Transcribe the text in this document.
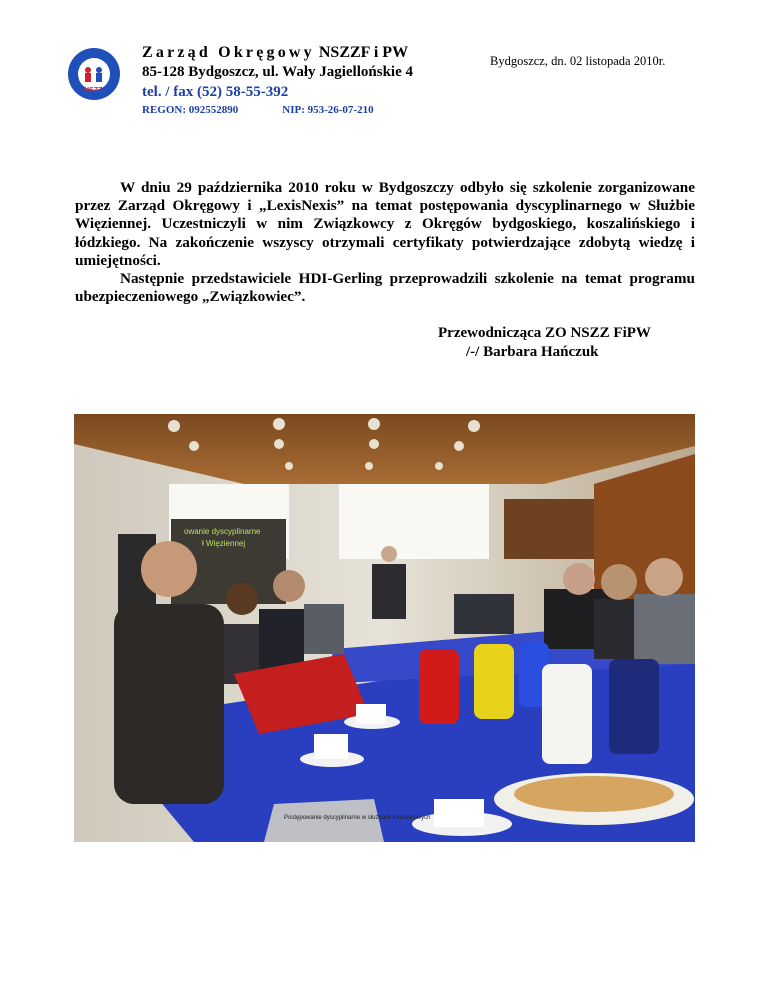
NSZZ
Zarząd Okręgowy NSZZF i PW
85-128 Bydgoszcz, ul. Wały Jagiellońskie 4
tel. / fax (52) 58-55-392
REGON: 092552890	NIP: 953-26-07-210
Bydgoszcz, dn. 02 listopada 2010r.

W dniu 29 października 2010 roku w Bydgoszczy odbyło się szkolenie zorganizowane przez Zarząd Okręgowy i „LexisNexis” na temat postępowania dyscyplinarnego w Służbie Więziennej. Uczestniczyli w nim Związkowcy z Okręgów bydgoskiego, koszalińskiego i łódzkiego. Na zakończenie wszyscy otrzymali certyfikaty potwierdzające zdobytą wiedzę i umiejętności.

Następnie przedstawiciele HDI-Gerling przeprowadzili szkolenie na temat programu ubezpieczeniowego „Związkowiec”.

Przewodnicząca ZO NSZZ FiPW
/-/ Barbara Hańczuk
owanie dyscyplinarne
ł Więziennej
Postępowanie dyscyplinarne w służbach mundurowych
